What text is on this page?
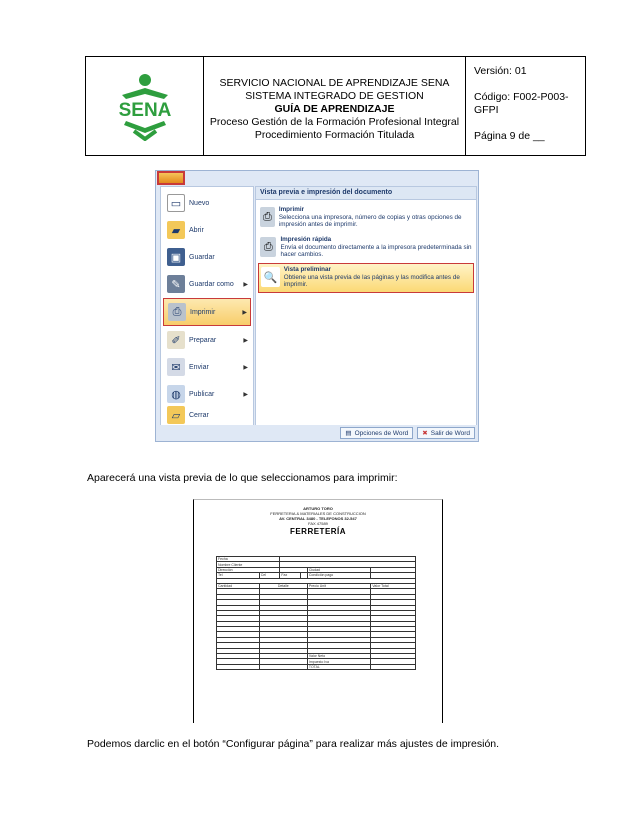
SENA
SERVICIO NACIONAL DE APRENDIZAJE SENA
SISTEMA INTEGRADO DE GESTION
GUÍA DE APRENDIZAJE
Proceso Gestión de la Formación Profesional Integral
Procedimiento Formación Titulada
Versión: 01
Código: F002-P003-GFPI
Página 9 de __
▭	Nuevo
▰	Abrir
▣	Guardar
✎	Guardar como ▶
⎙	Imprimir	▶
✐	Preparar	▶
✉	Enviar	▶
◍	Publicar	▶
▱	Cerrar
Vista previa e impresión del documento
⎙
Imprimir
Selecciona una impresora, número de copias y otras opciones de impresión antes de imprimir.
⎙
Impresión rápida
Envía el documento directamente a la impresora predeterminada sin hacer cambios.
🔍
Vista preliminar
Obtiene una vista previa de las páginas y las modifica antes de imprimir.
▤ Opciones de Word ✖ Salir de Word

Aparecerá una vista previa de lo que seleccionamos para imprimir:

ARTURO TORO
FERRETERIA & MATERIALES DE CONSTRUCCION
AV. CENTRAL 3480 - TELEFONOS 32-547
FAX 47589
FERRETERÍA
Fecha					
Nombre Cliente					
Dirección				Ciudad	
Tel	Cel	Fax		Condición pago	

Cantidad	Detalle			Precio Unit	Valor Total

				Valor Neto	
				Impuesto Iva	
				TOTAL	

Podemos darclic en el botón “Configurar página” para realizar más ajustes de impresión.
